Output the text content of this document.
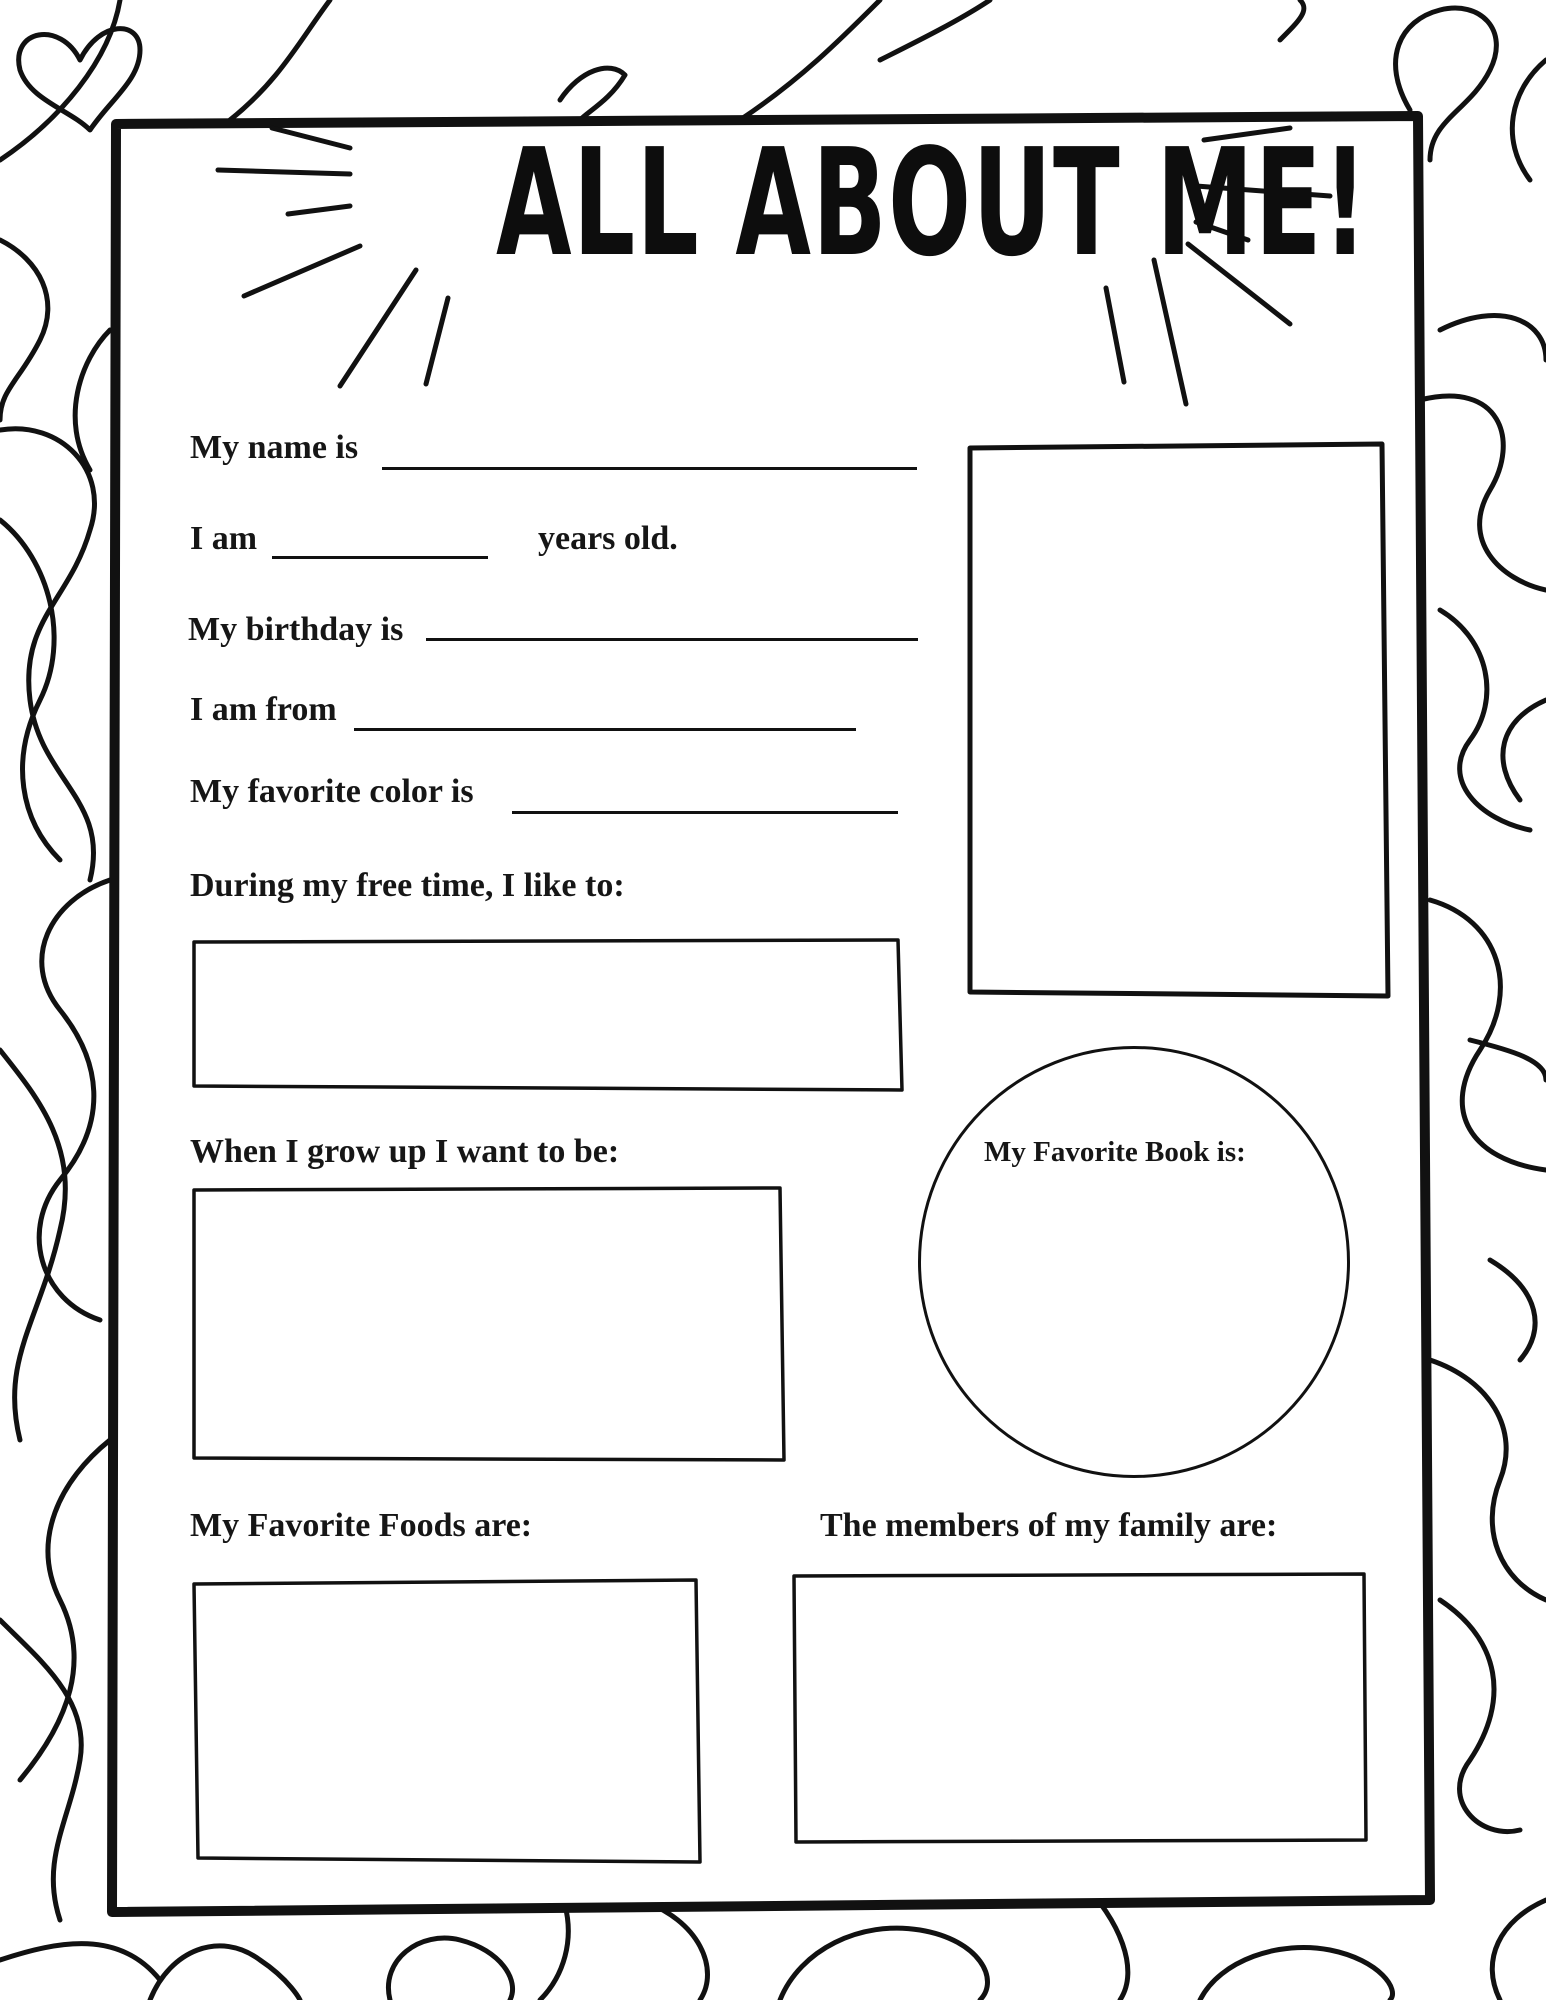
ALL ABOUT ME!
My name is
I am	years old.
My birthday is
I am from
My favorite color is
During my free time, I like to:
When I grow up I want to be:	My Favorite Book is:
My Favorite Foods are:	The members of my family are:
